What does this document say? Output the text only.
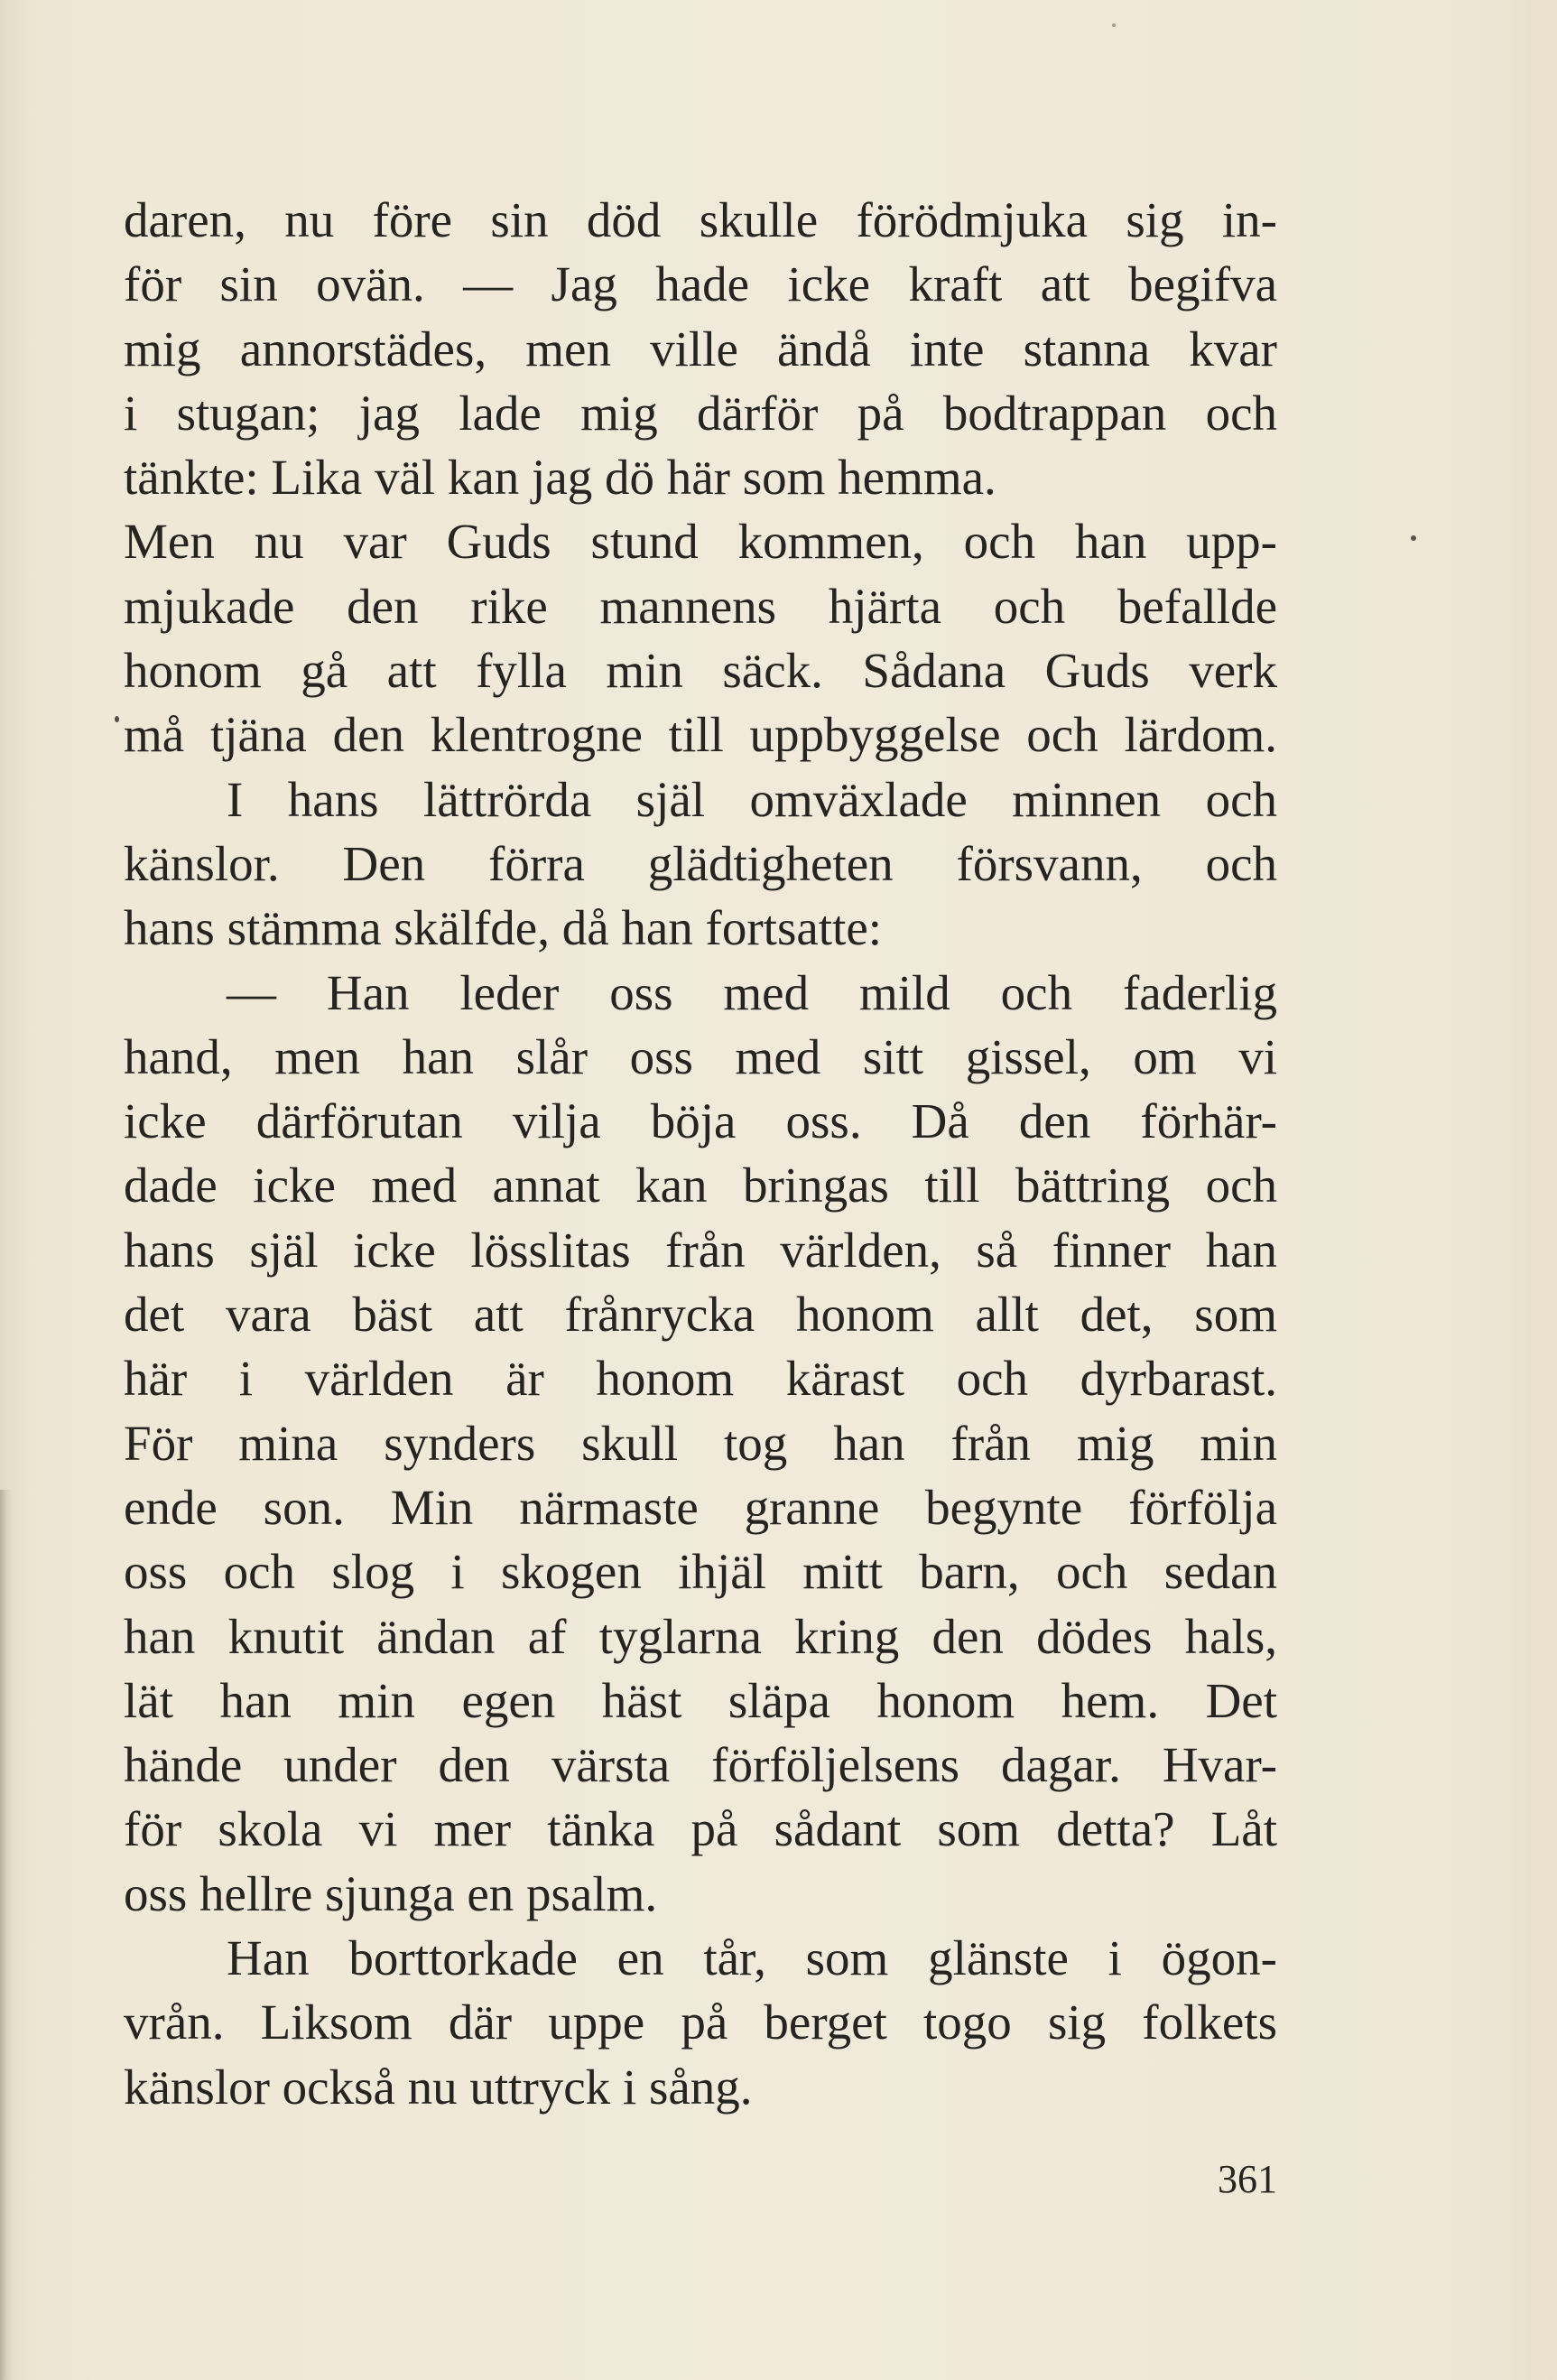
daren, nu före sin död skulle förödmjuka sig in-
för sin ovän. — Jag hade icke kraft att begifva
mig annorstädes, men ville ändå inte stanna kvar
i stugan; jag lade mig därför på bodtrappan och
tänkte: Lika väl kan jag dö här som hemma.
Men nu var Guds stund kommen, och han upp-
mjukade den rike mannens hjärta och befallde
honom gå att fylla min säck. Sådana Guds verk
må tjäna den klentrogne till uppbyggelse och lärdom.
I hans lättrörda själ omväxlade minnen och
känslor. Den förra glädtigheten försvann, och
hans stämma skälfde, då han fortsatte:
— Han leder oss med mild och faderlig
hand, men han slår oss med sitt gissel, om vi
icke därförutan vilja böja oss. Då den förhär-
dade icke med annat kan bringas till bättring och
hans själ icke lösslitas från världen, så finner han
det vara bäst att frånrycka honom allt det, som
här i världen är honom kärast och dyrbarast.
För mina synders skull tog han från mig min
ende son. Min närmaste granne begynte förfölja
oss och slog i skogen ihjäl mitt barn, och sedan
han knutit ändan af tyglarna kring den dödes hals,
lät han min egen häst släpa honom hem. Det
hände under den värsta förföljelsens dagar. Hvar-
för skola vi mer tänka på sådant som detta? Låt
oss hellre sjunga en psalm.
Han borttorkade en tår, som glänste i ögon-
vrån. Liksom där uppe på berget togo sig folkets
känslor också nu uttryck i sång.
361
